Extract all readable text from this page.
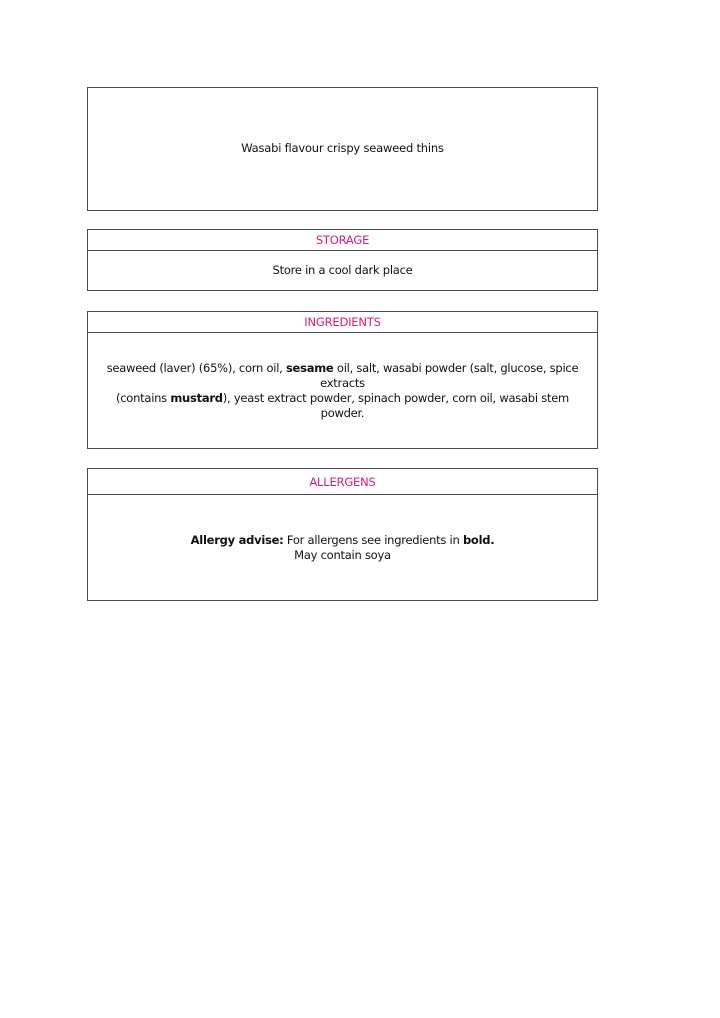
Wasabi flavour crispy seaweed thins
STORAGE
Store in a cool dark place
INGREDIENTS
seaweed (laver) (65%), corn oil, sesame oil, salt, wasabi powder (salt, glucose, spice extracts
(contains mustard), yeast extract powder, spinach powder, corn oil, wasabi stem powder.
ALLERGENS
Allergy advise: For allergens see ingredients in bold.
May contain soya
